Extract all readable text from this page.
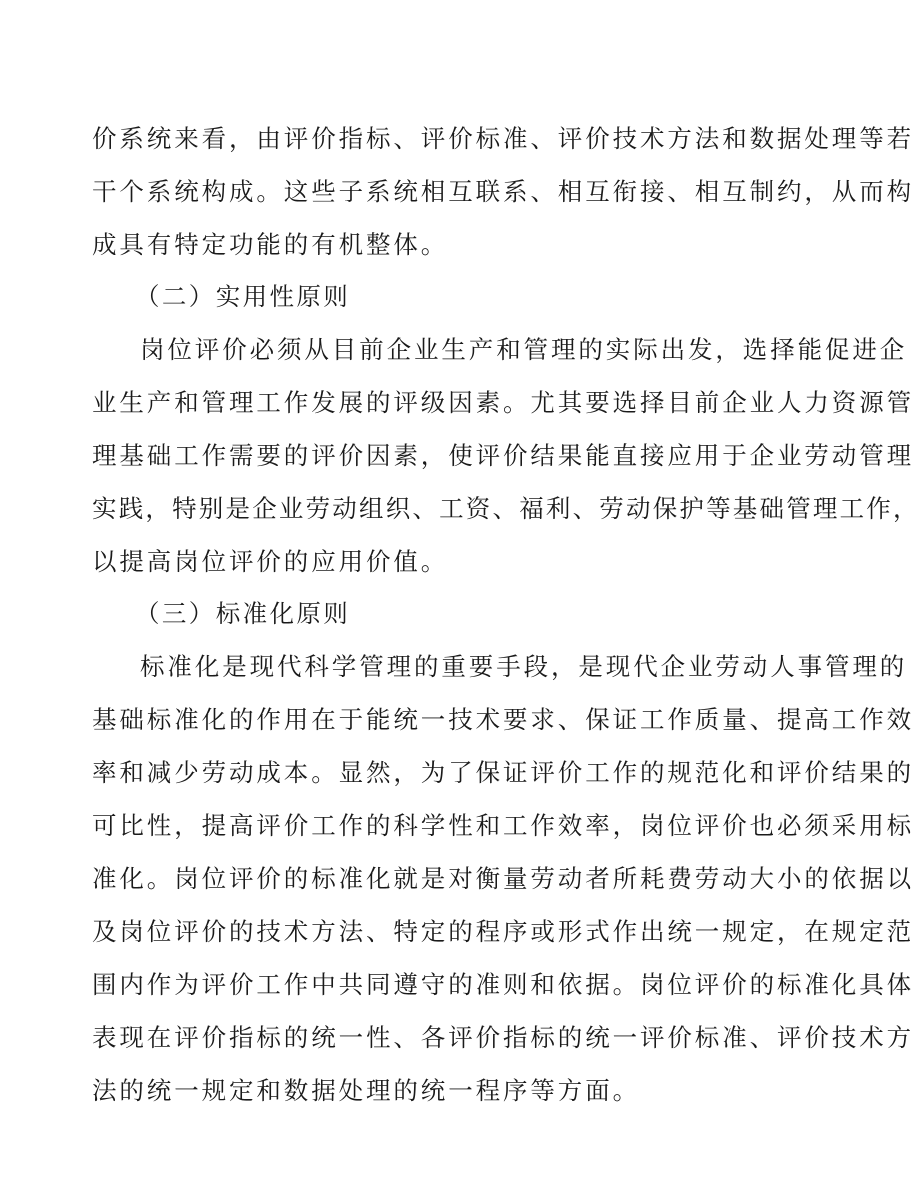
价系统来看，由评价指标、评价标准、评价技术方法和数据处理等若
干个系统构成。这些子系统相互联系、相互衔接、相互制约，从而构
成具有特定功能的有机整体。
（二）实用性原则
岗位评价必须从目前企业生产和管理的实际出发，选择能促进企
业生产和管理工作发展的评级因素。尤其要选择目前企业人力资源管
理基础工作需要的评价因素，使评价结果能直接应用于企业劳动管理
实践，特别是企业劳动组织、工资、福利、劳动保护等基础管理工作，
以提高岗位评价的应用价值。
（三）标准化原则
标准化是现代科学管理的重要手段，是现代企业劳动人事管理的
基础标准化的作用在于能统一技术要求、保证工作质量、提高工作效
率和减少劳动成本。显然，为了保证评价工作的规范化和评价结果的
可比性，提高评价工作的科学性和工作效率，岗位评价也必须采用标
准化。岗位评价的标准化就是对衡量劳动者所耗费劳动大小的依据以
及岗位评价的技术方法、特定的程序或形式作出统一规定，在规定范
围内作为评价工作中共同遵守的准则和依据。岗位评价的标准化具体
表现在评价指标的统一性、各评价指标的统一评价标准、评价技术方
法的统一规定和数据处理的统一程序等方面。
